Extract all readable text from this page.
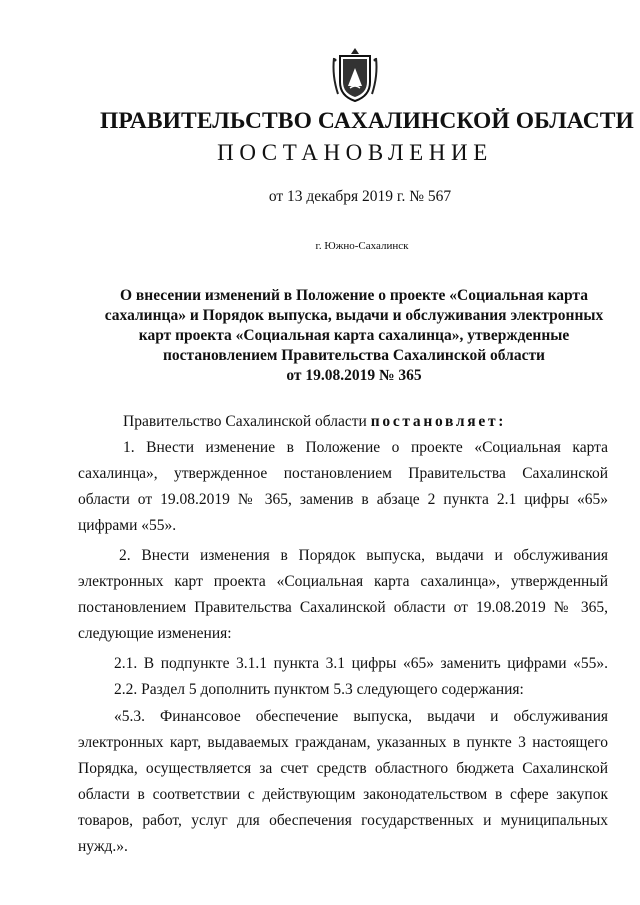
ПРАВИТЕЛЬСТВО САХАЛИНСКОЙ ОБЛАСТИ
ПОСТАНОВЛЕНИЕ
от 13 декабря 2019 г. № 567
г. Южно-Сахалинск
О внесении изменений в Положение о проекте «Социальная карта
сахалинца» и Порядок выпуска, выдачи и обслуживания электронных
карт проекта «Социальная карта сахалинца», утвержденные
постановлением Правительства Сахалинской области
от 19.08.2019 № 365
Правительство Сахалинской области постановляет:
1. Внести изменение в Положение о проекте «Социальная карта
сахалинца», утвержденное постановлением Правительства Сахалинской
области от 19.08.2019 № 365, заменив в абзаце 2 пункта 2.1 цифры «65»
цифрами «55».
2. Внести изменения в Порядок выпуска, выдачи и обслуживания
электронных карт проекта «Социальная карта сахалинца», утвержденный
постановлением Правительства Сахалинской области от 19.08.2019 № 365,
следующие изменения:
2.1. В подпункте 3.1.1 пункта 3.1 цифры «65» заменить цифрами «55».
2.2. Раздел 5 дополнить пунктом 5.3 следующего содержания:
«5.3. Финансовое обеспечение выпуска, выдачи и обслуживания
электронных карт, выдаваемых гражданам, указанных в пункте 3 настоящего
Порядка, осуществляется за счет средств областного бюджета Сахалинской
области в соответствии с действующим законодательством в сфере закупок
товаров, работ, услуг для обеспечения государственных и муниципальных
нужд.».
